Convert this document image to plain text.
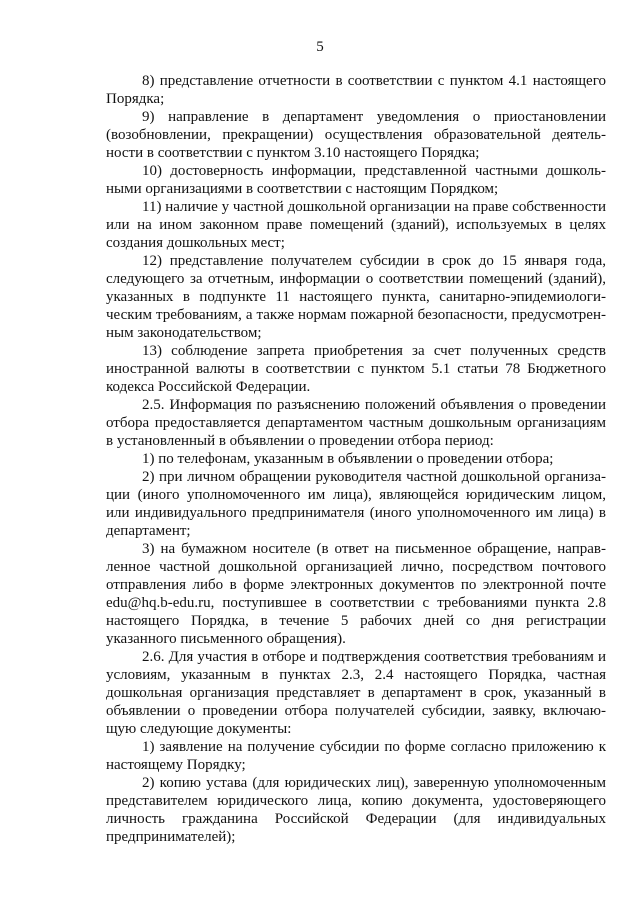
5

8) представление отчетности в соответствии с пунктом 4.1 настоящего Порядка;

9) направление в департамент уведомления о приостановлении (возобновлении, прекращении) осуществления образовательной деятельности в соответствии с пунктом 3.10 настоящего Порядка;

10) достоверность информации, представленной частными дошкольными организациями в соответствии с настоящим Порядком;

11) наличие у частной дошкольной организации на праве собственности или на ином законном праве помещений (зданий), используемых в целях создания дошкольных мест;

12) представление получателем субсидии в срок до 15 января года, следующего за отчетным, информации о соответствии помещений (зданий), указанных в подпункте 11 настоящего пункта, санитарно-эпидемиологическим требованиям, а также нормам пожарной безопасности, предусмотренным законодательством;

13) соблюдение запрета приобретения за счет полученных средств иностранной валюты в соответствии с пунктом 5.1 статьи 78 Бюджетного кодекса Российской Федерации.

2.5. Информация по разъяснению положений объявления о проведении отбора предоставляется департаментом частным дошкольным организациям в установленный в объявлении о проведении отбора период:

1) по телефонам, указанным в объявлении о проведении отбора;

2) при личном обращении руководителя частной дошкольной организации (иного уполномоченного им лица), являющейся юридическим лицом, или индивидуального предпринимателя (иного уполномоченного им лица) в департамент;

3) на бумажном носителе (в ответ на письменное обращение, направленное частной дошкольной организацией лично, посредством почтового отправления либо в форме электронных документов по электронной почте edu@hq.b-edu.ru, поступившее в соответствии с требованиями пункта 2.8 настоящего Порядка, в течение 5 рабочих дней со дня регистрации указанного письменного обращения).

2.6. Для участия в отборе и подтверждения соответствия требованиям и условиям, указанным в пунктах 2.3, 2.4 настоящего Порядка, частная дошкольная организация представляет в департамент в срок, указанный в объявлении о проведении отбора получателей субсидии, заявку, включающую следующие документы:

1) заявление на получение субсидии по форме согласно приложению к настоящему Порядку;

2) копию устава (для юридических лиц), заверенную уполномоченным представителем юридического лица, копию документа, удостоверяющего личность гражданина Российской Федерации (для индивидуальных предпринимателей);
